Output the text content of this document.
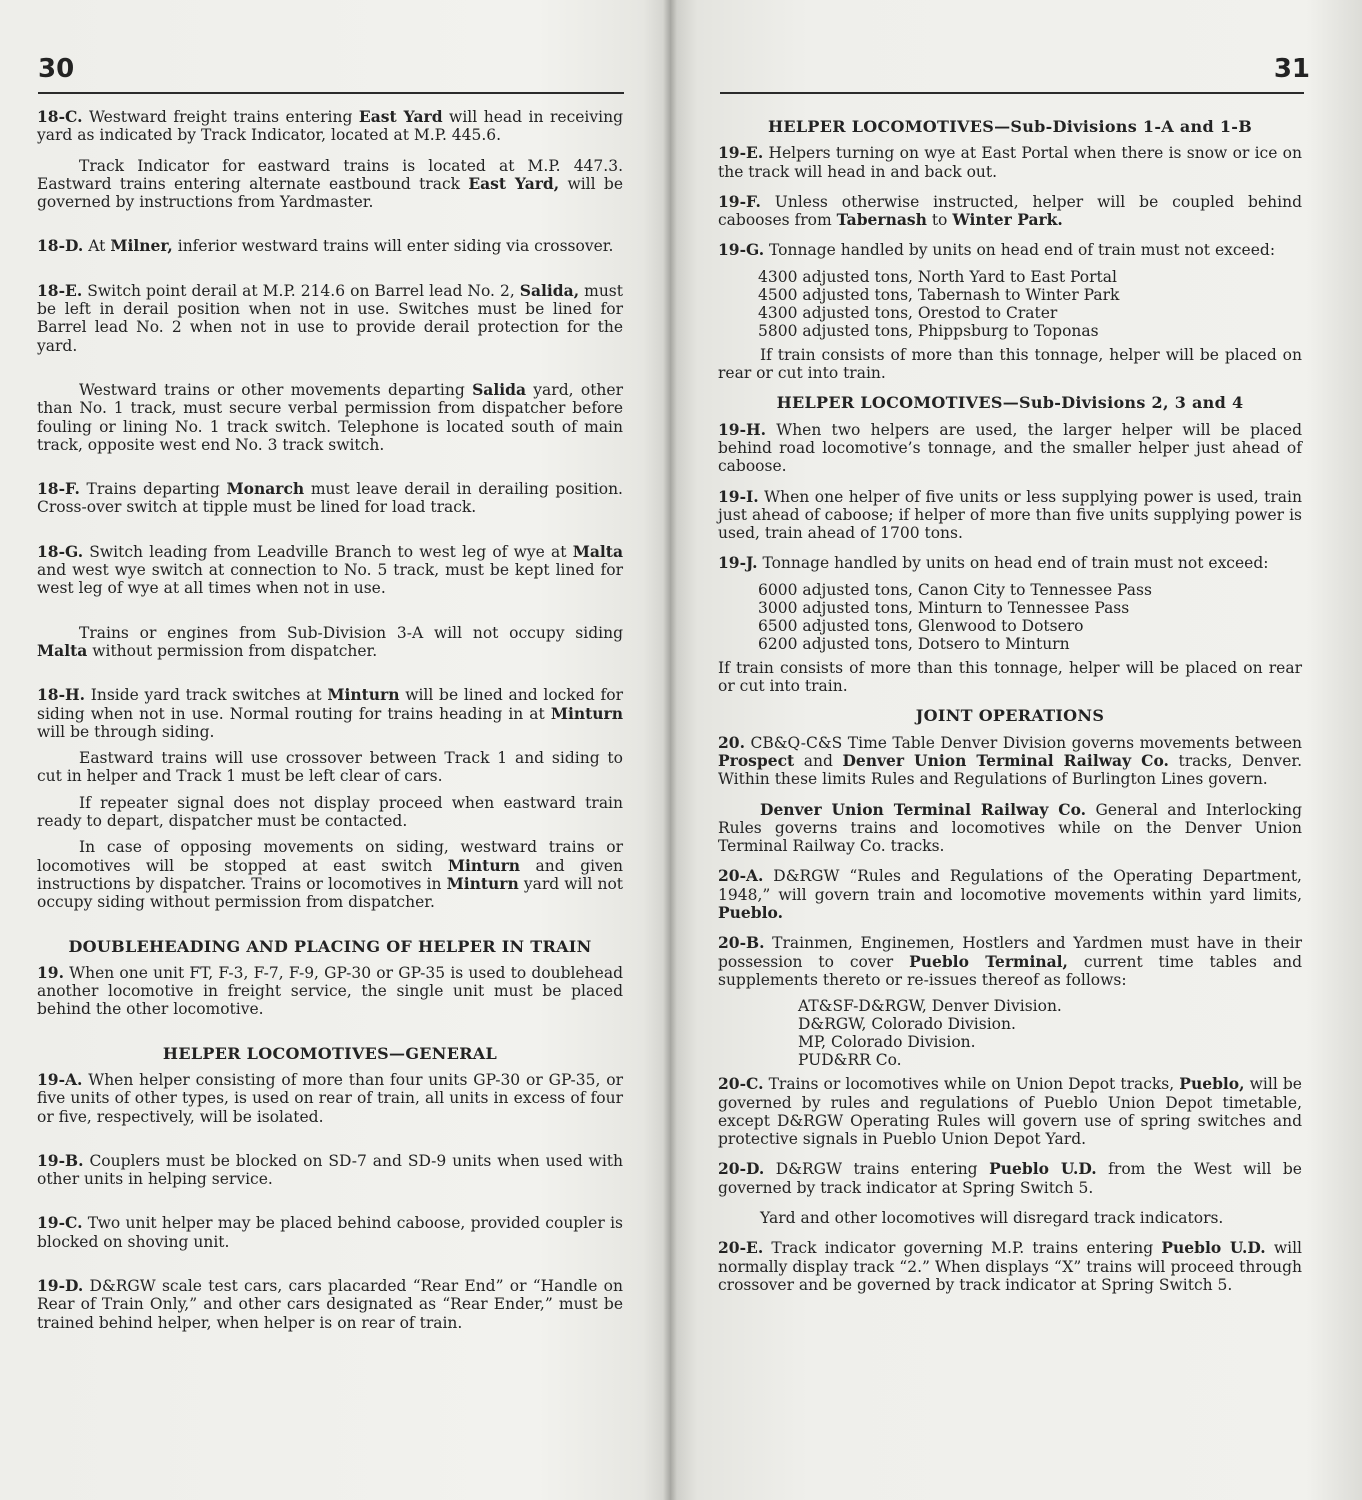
30

18-C. Westward freight trains entering East Yard will head in receiving yard as indicated by Track Indicator, located at M.P. 445.6.

Track Indicator for eastward trains is located at M.P. 447.3. Eastward trains entering alternate eastbound track East Yard, will be governed by instructions from Yardmaster.

18-D. At Milner, inferior westward trains will enter siding via crossover.

18-E. Switch point derail at M.P. 214.6 on Barrel lead No. 2, Salida, must be left in derail position when not in use. Switches must be lined for Barrel lead No. 2 when not in use to provide derail protection for the yard.

Westward trains or other movements departing Salida yard, other than No. 1 track, must secure verbal permission from dispatcher before fouling or lining No. 1 track switch. Telephone is located south of main track, opposite west end No. 3 track switch.

18-F. Trains departing Monarch must leave derail in derailing position. Cross-over switch at tipple must be lined for load track.

18-G. Switch leading from Leadville Branch to west leg of wye at Malta and west wye switch at connection to No. 5 track, must be kept lined for west leg of wye at all times when not in use.

Trains or engines from Sub-Division 3-A will not occupy siding Malta without permission from dispatcher.

18-H. Inside yard track switches at Minturn will be lined and locked for siding when not in use. Normal routing for trains heading in at Minturn will be through siding.

Eastward trains will use crossover between Track 1 and siding to cut in helper and Track 1 must be left clear of cars.

If repeater signal does not display proceed when eastward train ready to depart, dispatcher must be contacted.

In case of opposing movements on siding, westward trains or locomotives will be stopped at east switch Minturn and given instructions by dispatcher. Trains or locomotives in Minturn yard will not occupy siding without permission from dispatcher.

DOUBLEHEADING AND PLACING OF HELPER IN TRAIN

19. When one unit FT, F-3, F-7, F-9, GP-30 or GP-35 is used to doublehead another locomotive in freight service, the single unit must be placed behind the other locomotive.

HELPER LOCOMOTIVES—GENERAL

19-A. When helper consisting of more than four units GP-30 or GP-35, or five units of other types, is used on rear of train, all units in excess of four or five, respectively, will be isolated.

19-B. Couplers must be blocked on SD-7 and SD-9 units when used with other units in helping service.

19-C. Two unit helper may be placed behind caboose, provided coupler is blocked on shoving unit.

19-D. D&RGW scale test cars, cars placarded “Rear End” or “Handle on Rear of Train Only,” and other cars designated as “Rear Ender,” must be trained behind helper, when helper is on rear of train.

31
HELPER LOCOMOTIVES—Sub-Divisions 1-A and 1-B

19-E. Helpers turning on wye at East Portal when there is snow or ice on the track will head in and back out.

19-F. Unless otherwise instructed, helper will be coupled behind cabooses from Tabernash to Winter Park.

19-G. Tonnage handled by units on head end of train must not exceed:

4300 adjusted tons, North Yard to East Portal
4500 adjusted tons, Tabernash to Winter Park
4300 adjusted tons, Orestod to Crater
5800 adjusted tons, Phippsburg to Toponas

If train consists of more than this tonnage, helper will be placed on rear or cut into train.

HELPER LOCOMOTIVES—Sub-Divisions 2, 3 and 4

19-H. When two helpers are used, the larger helper will be placed behind road locomotive’s tonnage, and the smaller helper just ahead of caboose.

19-I. When one helper of five units or less supplying power is used, train just ahead of caboose; if helper of more than five units supplying power is used, train ahead of 1700 tons.

19-J. Tonnage handled by units on head end of train must not exceed:

6000 adjusted tons, Canon City to Tennessee Pass
3000 adjusted tons, Minturn to Tennessee Pass
6500 adjusted tons, Glenwood to Dotsero
6200 adjusted tons, Dotsero to Minturn

If train consists of more than this tonnage, helper will be placed on rear or cut into train.

JOINT OPERATIONS

20. CB&Q-C&S Time Table Denver Division governs movements between Prospect and Denver Union Terminal Railway Co. tracks, Denver. Within these limits Rules and Regulations of Burlington Lines govern.

Denver Union Terminal Railway Co. General and Interlocking Rules governs trains and locomotives while on the Denver Union Terminal Railway Co. tracks.

20-A. D&RGW “Rules and Regulations of the Operating Department, 1948,” will govern train and locomotive movements within yard limits, Pueblo.

20-B. Trainmen, Enginemen, Hostlers and Yardmen must have in their possession to cover Pueblo Terminal, current time tables and supplements thereto or re-issues thereof as follows:

AT&SF-D&RGW, Denver Division.
D&RGW, Colorado Division.
MP, Colorado Division.
PUD&RR Co.

20-C. Trains or locomotives while on Union Depot tracks, Pueblo, will be governed by rules and regulations of Pueblo Union Depot timetable, except D&RGW Operating Rules will govern use of spring switches and protective signals in Pueblo Union Depot Yard.

20-D. D&RGW trains entering Pueblo U.D. from the West will be governed by track indicator at Spring Switch 5.

Yard and other locomotives will disregard track indicators.

20-E. Track indicator governing M.P. trains entering Pueblo U.D. will normally display track “2.” When displays “X” trains will proceed through crossover and be governed by track indicator at Spring Switch 5.
